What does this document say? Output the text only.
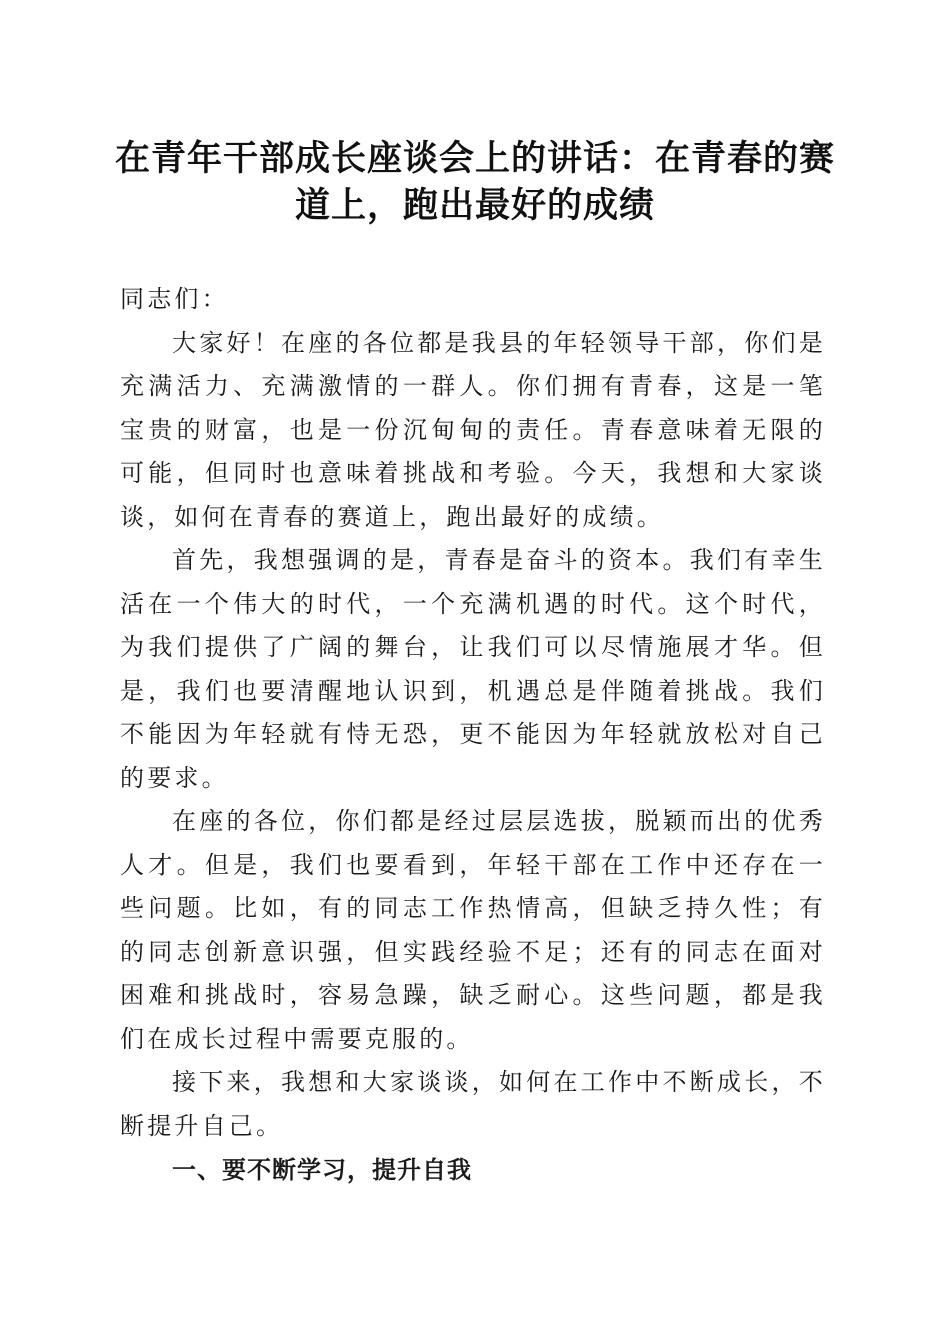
在青年干部成长座谈会上的讲话：在青春的赛道上，跑出最好的成绩

同志们：

大家好！在座的各位都是我县的年轻领导干部，你们是充满活力、充满激情的一群人。你们拥有青春，这是一笔宝贵的财富，也是一份沉甸甸的责任。青春意味着无限的可能，但同时也意味着挑战和考验。今天，我想和大家谈谈，如何在青春的赛道上，跑出最好的成绩。

首先，我想强调的是，青春是奋斗的资本。我们有幸生活在一个伟大的时代，一个充满机遇的时代。这个时代，为我们提供了广阔的舞台，让我们可以尽情施展才华。但是，我们也要清醒地认识到，机遇总是伴随着挑战。我们不能因为年轻就有恃无恐，更不能因为年轻就放松对自己的要求。

在座的各位，你们都是经过层层选拔，脱颖而出的优秀人才。但是，我们也要看到，年轻干部在工作中还存在一些问题。比如，有的同志工作热情高，但缺乏持久性；有的同志创新意识强，但实践经验不足；还有的同志在面对困难和挑战时，容易急躁，缺乏耐心。这些问题，都是我们在成长过程中需要克服的。

接下来，我想和大家谈谈，如何在工作中不断成长，不断提升自己。

一、要不断学习，提升自我
